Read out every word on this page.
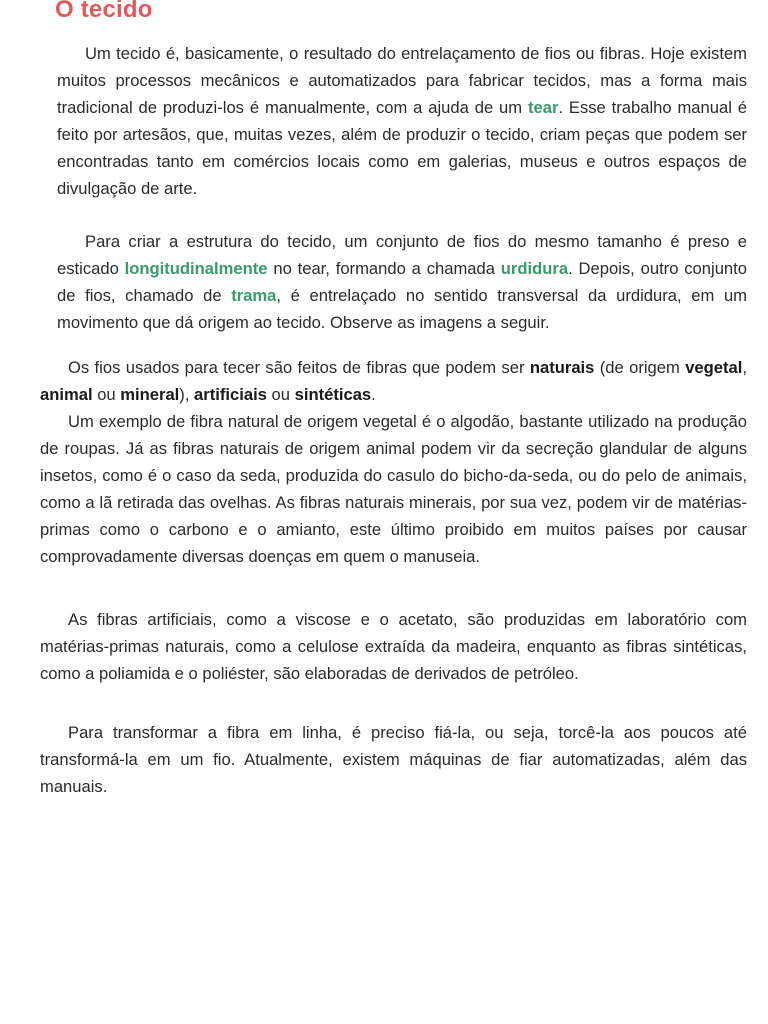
O tecido

Um tecido é, basicamente, o resultado do entrelaçamento de fios ou fibras. Hoje existem muitos processos mecânicos e automatizados para fabricar tecidos, mas a forma mais tradicional de produzi-los é manualmente, com a ajuda de um tear. Esse trabalho manual é feito por artesãos, que, muitas vezes, além de produzir o tecido, criam peças que podem ser encontradas tanto em comércios locais como em galerias, museus e outros espaços de divulgação de arte.

Para criar a estrutura do tecido, um conjunto de fios do mesmo tamanho é preso e esticado longitudinalmente no tear, formando a chamada urdidura. Depois, outro conjunto de fios, chamado de trama, é entrelaçado no sentido transversal da urdidura, em um movimento que dá origem ao tecido. Observe as imagens a seguir.

Os fios usados para tecer são feitos de fibras que podem ser naturais (de origem vegetal, animal ou mineral), artificiais ou sintéticas.

Um exemplo de fibra natural de origem vegetal é o algodão, bastante utilizado na produção de roupas. Já as fibras naturais de origem animal podem vir da secreção glandular de alguns insetos, como é o caso da seda, produzida do casulo do bicho-da-seda, ou do pelo de animais, como a lã retirada das ovelhas. As fibras naturais minerais, por sua vez, podem vir de matérias-primas como o carbono e o amianto, este último proibido em muitos países por causar comprovadamente diversas doenças em quem o manuseia.

As fibras artificiais, como a viscose e o acetato, são produzidas em laboratório com matérias-primas naturais, como a celulose extraída da madeira, enquanto as fibras sintéticas, como a poliamida e o poliéster, são elaboradas de derivados de petróleo.

Para transformar a fibra em linha, é preciso fiá-la, ou seja, torcê-la aos poucos até transformá-la em um fio. Atualmente, existem máquinas de fiar automatizadas, além das manuais.
